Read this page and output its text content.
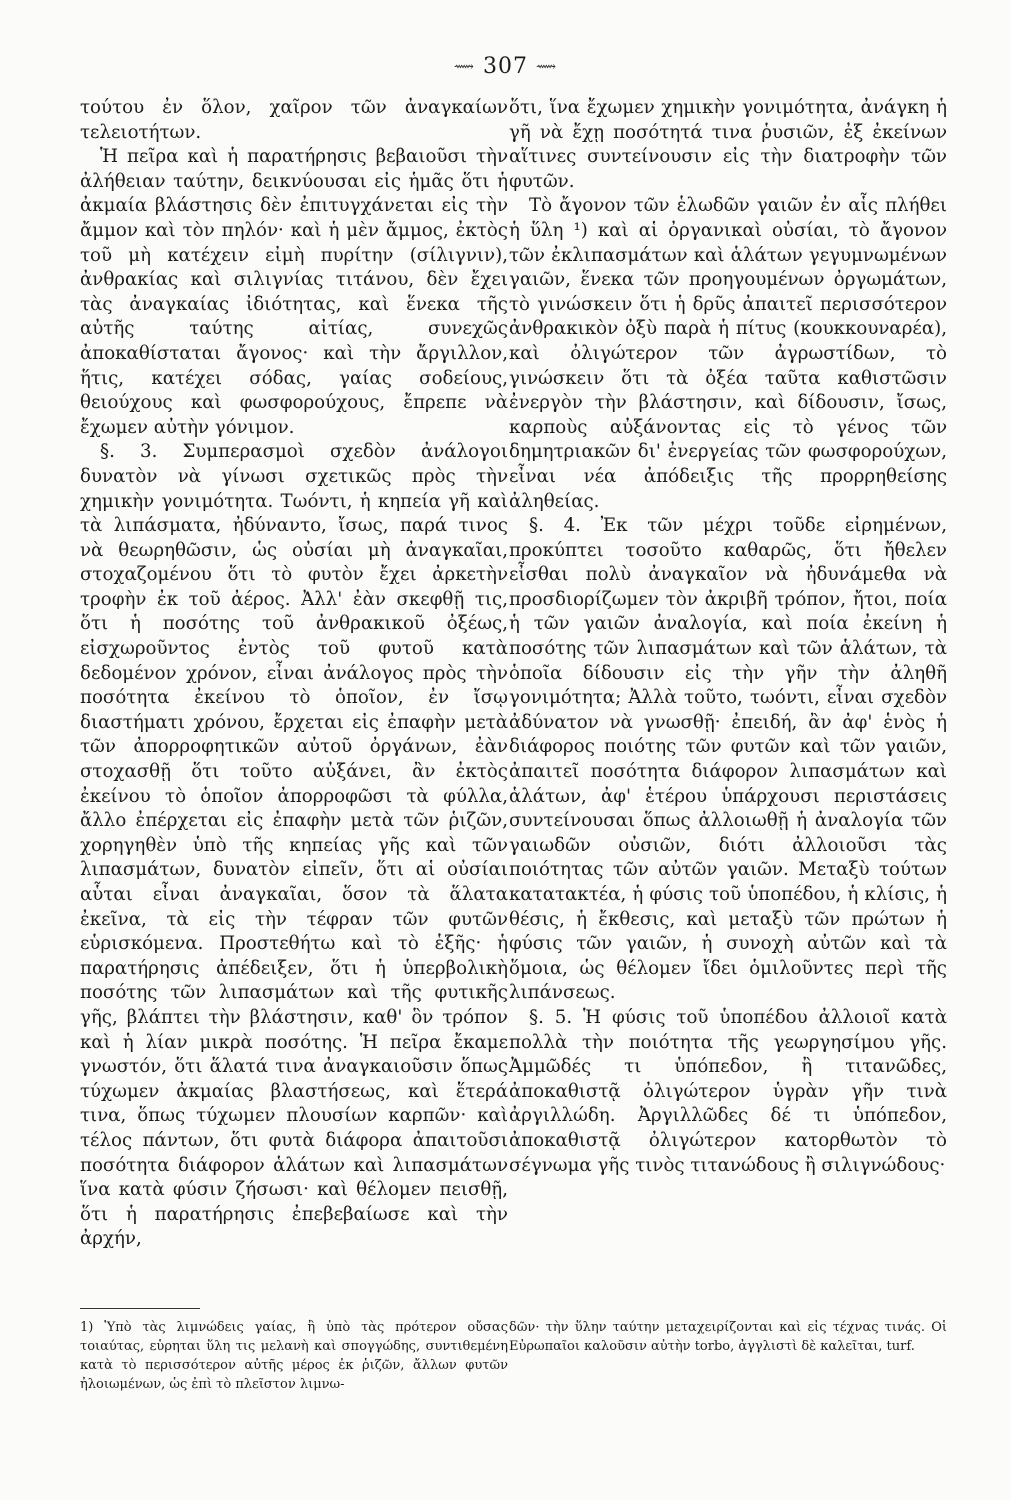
⟿ 307 ⟿

τούτου ἐν ὅλον, χαῖρον τῶν ἀναγκαίων τελειοτήτων.

Ἡ πεῖρα καὶ ἡ παρατήρησις βεβαιοῦσι τὴν ἀλήθειαν ταύτην, δεικνύουσαι εἰς ἡμᾶς ὅτι ἡ ἀκμαία βλάστησις δὲν ἐπιτυγχάνεται εἰς τὴν ἄμμον καὶ τὸν πηλόν· καὶ ἡ μὲν ἄμμος, ἐκτὸς τοῦ μὴ κατέχειν εἰμὴ πυρίτην (σίλιγνιν), ἀνθρακίας καὶ σιλιγνίας τιτάνου, δὲν ἔχει τὰς ἀναγκαίας ἰδιότητας, καὶ ἕνεκα τῆς αὐτῆς ταύτης αἰτίας, συνεχῶς ἀποκαθίσταται ἄγονος· καὶ τὴν ἄργιλλον, ἥτις, κατέχει σόδας, γαίας σοδείους, θειούχους καὶ φωσφορούχους, ἔπρεπε νὰ ἔχωμεν αὐτὴν γόνιμον.

§. 3. Συμπερασμοὶ σχεδὸν ἀνάλογοι δυνατὸν νὰ γίνωσι σχετικῶς πρὸς τὴν χημικὴν γονιμότητα. Τωόντι, ἡ κηπεία γῆ καὶ τὰ λιπάσματα, ἠδύναντο, ἴσως, παρά τινος νὰ θεωρηθῶσιν, ὡς οὐσίαι μὴ ἀναγκαῖαι, στοχαζομένου ὅτι τὸ φυτὸν ἔχει ἀρκετὴν τροφὴν ἐκ τοῦ ἀέρος. Ἀλλ' ἐὰν σκεφθῇ τις, ὅτι ἡ ποσότης τοῦ ἀνθρακικοῦ ὀξέως, εἰσχωροῦντος ἐντὸς τοῦ φυτοῦ κατὰ δεδομένον χρόνον, εἶναι ἀνάλογος πρὸς τὴν ποσότητα ἐκείνου τὸ ὁποῖον, ἐν ἴσῳ διαστήματι χρόνου, ἔρχεται εἰς ἐπαφὴν μετὰ τῶν ἀπορροφητικῶν αὐτοῦ ὀργάνων, ἐὰν στοχασθῇ ὅτι τοῦτο αὐξάνει, ἂν ἐκτὸς ἐκείνου τὸ ὁποῖον ἀπορροφῶσι τὰ φύλλα, ἄλλο ἐπέρχεται εἰς ἐπαφὴν μετὰ τῶν ῥιζῶν, χορηγηθὲν ὑπὸ τῆς κηπείας γῆς καὶ τῶν λιπασμάτων, δυνατὸν εἰπεῖν, ὅτι αἱ οὐσίαι αὗται εἶναι ἀναγκαῖαι, ὅσον τὰ ἅλατα ἐκεῖνα, τὰ εἰς τὴν τέφραν τῶν φυτῶν εὑρισκόμενα. Προστεθήτω καὶ τὸ ἑξῆς· ἡ παρατήρησις ἀπέδειξεν, ὅτι ἡ ὑπερβολικὴ ποσότης τῶν λιπασμάτων καὶ τῆς φυτικῆς γῆς, βλάπτει τὴν βλάστησιν, καθ' ὃν τρόπον καὶ ἡ λίαν μικρὰ ποσότης. Ἡ πεῖρα ἔκαμε γνωστόν, ὅτι ἅλατά τινα ἀναγκαιοῦσιν ὅπως τύχωμεν ἀκμαίας βλαστήσεως, καὶ ἕτερά τινα, ὅπως τύχωμεν πλουσίων καρπῶν· καὶ τέλος πάντων, ὅτι φυτὰ διάφορα ἀπαιτοῦσι ποσότητα διάφορον ἁλάτων καὶ λιπασμάτων ἵνα κατὰ φύσιν ζήσωσι· καὶ θέλομεν πεισθῇ, ὅτι ἡ παρατήρησις ἐπεβεβαίωσε καὶ τὴν ἀρχήν,

ὅτι, ἵνα ἔχωμεν χημικὴν γονιμότητα, ἀνάγκη ἡ γῆ νὰ ἔχῃ ποσότητά τινα ῥυσιῶν, ἐξ ἐκείνων αἵτινες συντείνουσιν εἰς τὴν διατροφὴν τῶν φυτῶν.

Τὸ ἄγονον τῶν ἑλωδῶν γαιῶν ἐν αἷς πλήθει ἡ ὕλη ¹) καὶ αἱ ὀργανικαὶ οὐσίαι, τὸ ἄγονον τῶν ἐκλιπασμάτων καὶ ἁλάτων γεγυμνωμένων γαιῶν, ἕνεκα τῶν προηγουμένων ὀργωμάτων, τὸ γινώσκειν ὅτι ἡ δρῦς ἀπαιτεῖ περισσότερον ἀνθρακικὸν ὀξὺ παρὰ ἡ πίτυς (κουκκουναρέα), καὶ ὀλιγώτερον τῶν ἀγρωστίδων, τὸ γινώσκειν ὅτι τὰ ὀξέα ταῦτα καθιστῶσιν ἐνεργὸν τὴν βλάστησιν, καὶ δίδουσιν, ἴσως, καρποὺς αὐξάνοντας εἰς τὸ γένος τῶν δημητριακῶν δι' ἐνεργείας τῶν φωσφορούχων, εἶναι νέα ἀπόδειξις τῆς προρρηθείσης ἀληθείας.

§. 4. Ἐκ τῶν μέχρι τοῦδε εἰρημένων, προκύπτει τοσοῦτο καθαρῶς, ὅτι ἤθελεν εἶσθαι πολὺ ἀναγκαῖον νὰ ἠδυνάμεθα νὰ προσδιορίζωμεν τὸν ἀκριβῆ τρόπον, ἤτοι, ποία ἡ τῶν γαιῶν ἀναλογία, καὶ ποία ἐκείνη ἡ ποσότης τῶν λιπασμάτων καὶ τῶν ἁλάτων, τὰ ὁποῖα δίδουσιν εἰς τὴν γῆν τὴν ἀληθῆ γονιμότητα; Ἀλλὰ τοῦτο, τωόντι, εἶναι σχεδὸν ἀδύνατον νὰ γνωσθῇ· ἐπειδή, ἂν ἀφ' ἑνὸς ἡ διάφορος ποιότης τῶν φυτῶν καὶ τῶν γαιῶν, ἀπαιτεῖ ποσότητα διάφορον λιπασμάτων καὶ ἁλάτων, ἀφ' ἑτέρου ὑπάρχουσι περιστάσεις συντείνουσαι ὅπως ἀλλοιωθῇ ἡ ἀναλογία τῶν γαιωδῶν οὐσιῶν, διότι ἀλλοιοῦσι τὰς ποιότητας τῶν αὐτῶν γαιῶν. Μεταξὺ τούτων κατατακτέα, ἡ φύσις τοῦ ὑποπέδου, ἡ κλίσις, ἡ θέσις, ἡ ἔκθεσις, καὶ μεταξὺ τῶν πρώτων ἡ φύσις τῶν γαιῶν, ἡ συνοχὴ αὐτῶν καὶ τὰ ὅμοια, ὡς θέλομεν ἴδει ὁμιλοῦντες περὶ τῆς λιπάνσεως.

§. 5. Ἡ φύσις τοῦ ὑποπέδου ἀλλοιοῖ κατὰ πολλὰ τὴν ποιότητα τῆς γεωργησίμου γῆς. Ἀμμῶδές τι ὑπόπεδον, ἢ τιτανῶδες, ἀποκαθιστᾷ ὀλιγώτερον ὑγρὰν γῆν τινὰ ἀργιλλώδη. Ἀργιλλῶδες δέ τι ὑπόπεδον, ἀποκαθιστᾷ ὀλιγώτερον κατορθωτὸν τὸ σέγνωμα γῆς τινὸς τιτανώδους ἢ σιλιγνώδους·

1) Ὑπὸ τὰς λιμνώδεις γαίας, ἢ ὑπὸ τὰς πρότερον οὔσας τοιαύτας, εὑρηται ὕλη τις μελανὴ καὶ σπογγώδης, συντιθεμένη κατὰ τὸ περισσότερον αὐτῆς μέρος ἐκ ῥιζῶν, ἄλλων φυτῶν ἠλοιωμένων, ὡς ἐπὶ τὸ πλεῖστον λιμνω-
δῶν· τὴν ὕλην ταύτην μεταχειρίζονται καὶ εἰς τέχνας τινάς. Οἱ Εὐρωπαῖοι καλοῦσιν αὐτὴν torbo, ἀγγλιστὶ δὲ καλεῖται, turf.
